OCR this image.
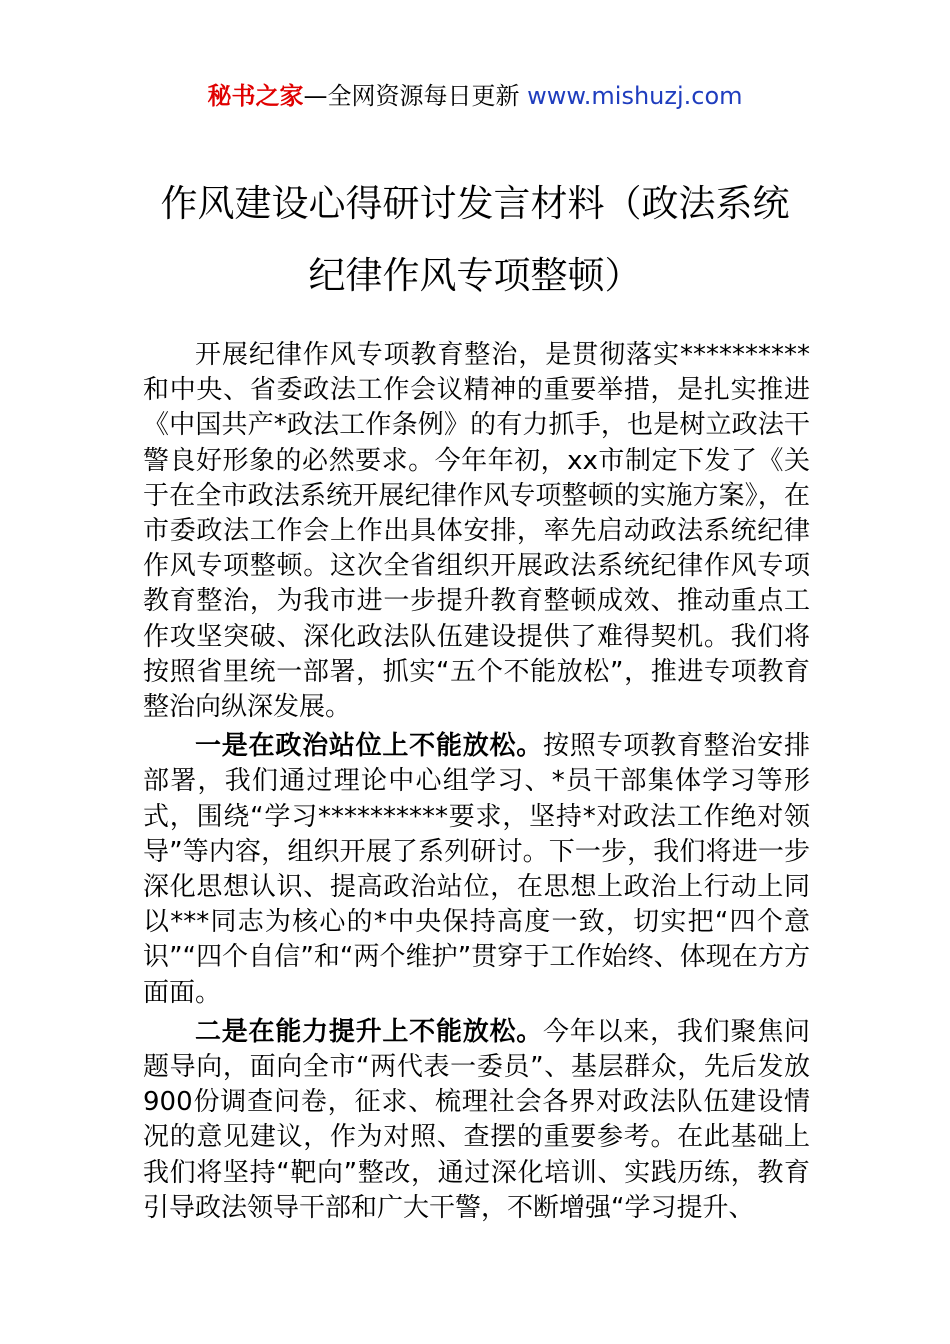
秘书之家—全网资源每日更新 www.mishuzj.com
作风建设心得研讨发言材料（政法系统纪律作风专项整顿）

开展纪律作风专项教育整治，是贯彻落实**********和中央、省委政法工作会议精神的重要举措，是扎实推进《中国共产*政法工作条例》的有力抓手，也是树立政法干警良好形象的必然要求。今年年初，xx市制定下发了《关于在全市政法系统开展纪律作风专项整顿的实施方案》，在市委政法工作会上作出具体安排，率先启动政法系统纪律作风专项整顿。这次全省组织开展政法系统纪律作风专项教育整治，为我市进一步提升教育整顿成效、推动重点工作攻坚突破、深化政法队伍建设提供了难得契机。我们将按照省里统一部署，抓实“五个不能放松”，推进专项教育整治向纵深发展。

一是在政治站位上不能放松。按照专项教育整治安排部署，我们通过理论中心组学习、*员干部集体学习等形式，围绕“学习**********要求，坚持*对政法工作绝对领导”等内容，组织开展了系列研讨。下一步，我们将进一步深化思想认识、提高政治站位，在思想上政治上行动上同以***同志为核心的*中央保持高度一致，切实把“四个意识”“四个自信”和“两个维护”贯穿于工作始终、体现在方方面面。

二是在能力提升上不能放松。今年以来，我们聚焦问题导向，面向全市“两代表一委员”、基层群众，先后发放900份调查问卷，征求、梳理社会各界对政法队伍建设情况的意见建议，作为对照、查摆的重要参考。在此基础上我们将坚持“靶向”整改，通过深化培训、实践历练，教育引导政法领导干部和广大干警，不断增强“学习提升、
